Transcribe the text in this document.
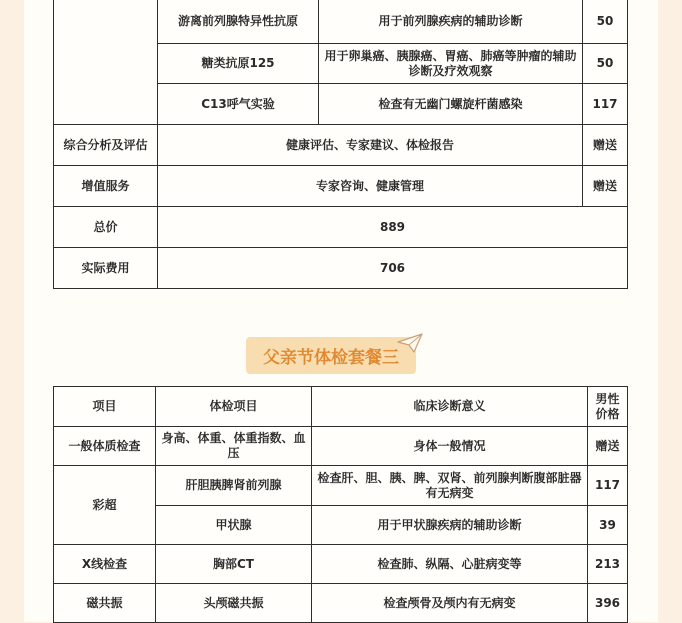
	游离前列腺特异性抗原	用于前列腺疾病的辅助诊断	50
	糖类抗原125	用于卵巢癌、胰腺癌、胃癌、肺癌等肿瘤的辅助诊断及疗效观察	50
	C13呼气实验	检查有无幽门螺旋杆菌感染	117
综合分析及评估	健康评估、专家建议、体检报告		赠送
增值服务	专家咨询、健康管理		赠送
总价	889		
实际费用	706		
父亲节体检套餐三
项目	体检项目	临床诊断意义	男性价格
一般体质检查	身高、体重、体重指数、血压	身体一般情况	赠送
彩超	肝胆胰脾肾前列腺	检查肝、胆、胰、脾、双肾、前列腺判断腹部脏器有无病变	117
	甲状腺	用于甲状腺疾病的辅助诊断	39
X线检查	胸部CT	检查肺、纵隔、心脏病变等	213
磁共振	头颅磁共振	检查颅骨及颅内有无病变	396
